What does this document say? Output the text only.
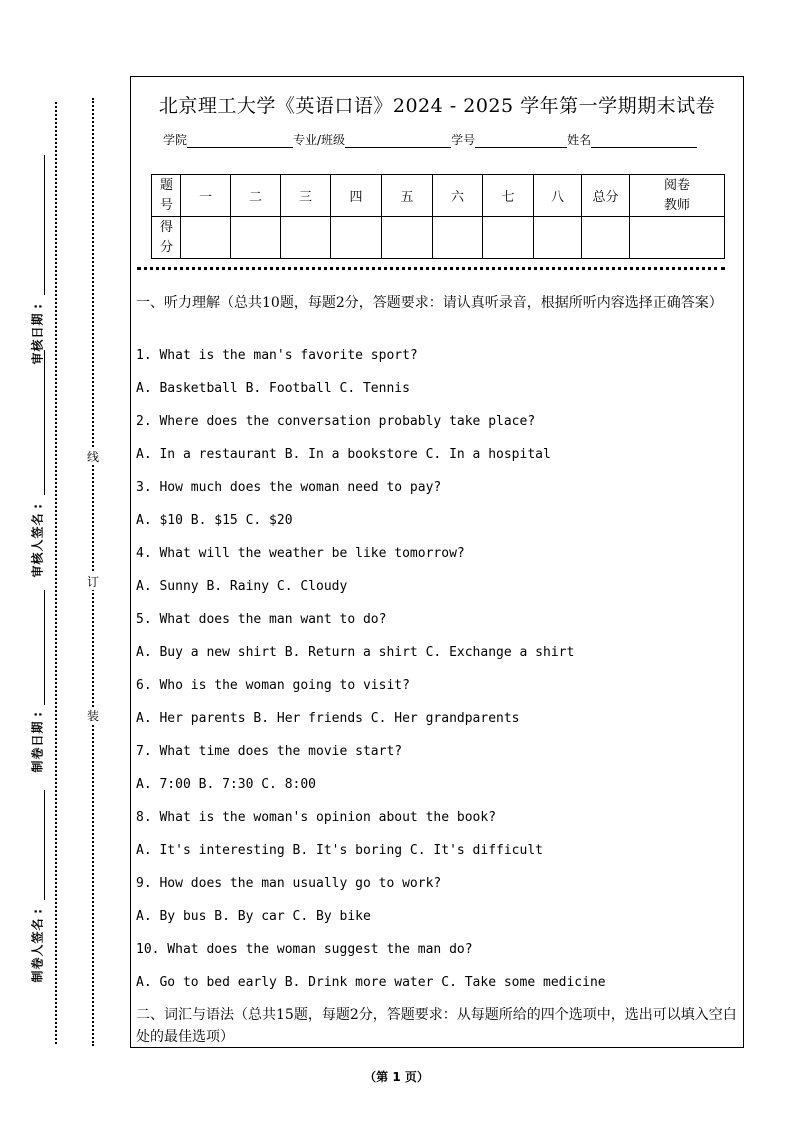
审
核
日
期
:
审
核
人
签
名
:
制
卷
日
期
:
制
卷
人
签
名
:
线
订
装
北京理工大学《英语口语》2024 - 2025 学年第一学期期末试卷
学院	专业/班级	学号	姓名
题号	一	二	三	四	五	六	七	八	总分	阅卷教师

得分										

一、听力理解（总共10题，每题2分，答题要求：请认真听录音，根据所听内容选择正确答案）

1. What is the man's favorite sport?

A. Basketball B. Football C. Tennis

2. Where does the conversation probably take place?

A. In a restaurant B. In a bookstore C. In a hospital

3. How much does the woman need to pay?

A. $10 B. $15 C. $20

4. What will the weather be like tomorrow?

A. Sunny B. Rainy C. Cloudy

5. What does the man want to do?

A. Buy a new shirt B. Return a shirt C. Exchange a shirt

6. Who is the woman going to visit?

A. Her parents B. Her friends C. Her grandparents

7. What time does the movie start?

A. 7:00 B. 7:30 C. 8:00

8. What is the woman's opinion about the book?

A. It's interesting B. It's boring C. It's difficult

9. How does the man usually go to work?

A. By bus B. By car C. By bike

10. What does the woman suggest the man do?

A. Go to bed early B. Drink more water C. Take some medicine

二、词汇与语法（总共15题，每题2分，答题要求：从每题所给的四个选项中，选出可以填入空白处的最佳选项）

（第 1 页）
